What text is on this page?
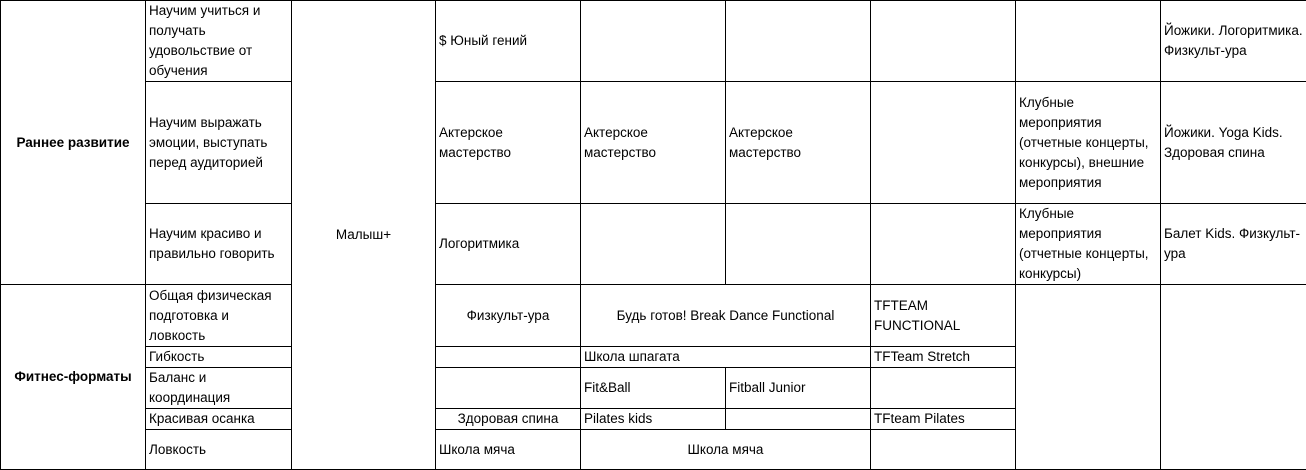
Раннее развитие	Научим учиться и получать удовольствие от обучения	Малыш+	$ Юный гений					Йожики. Логоритмика. Физкульт-ура
	Научим выражать эмоции, выступать перед аудиторией		Актерское мастерство	Актерское мастерство	Актерское мастерство		Клубные мероприятия (отчетные концерты, конкурсы), внешние мероприятия	Йожики. Yoga Kids. Здоровая спина
	Научим красиво и правильно говорить		Логоритмика				Клубные мероприятия (отчетные концерты, конкурсы)	Балет Kids. Физкульт-ура
Фитнес-форматы	Общая физическая подготовка и ловкость		Физкульт-ура	Будь готов! Break Dance Functional		TFTEAM FUNCTIONAL		
	Гибкость			Школа шпагата		TFTeam Stretch		
	Баланс и координация			Fit&Ball	Fitball Junior			
	Красивая осанка		Здоровая спина	Pilates kids		TFteam Pilates		
	Ловкость		Школа мяча	Школа мяча				
